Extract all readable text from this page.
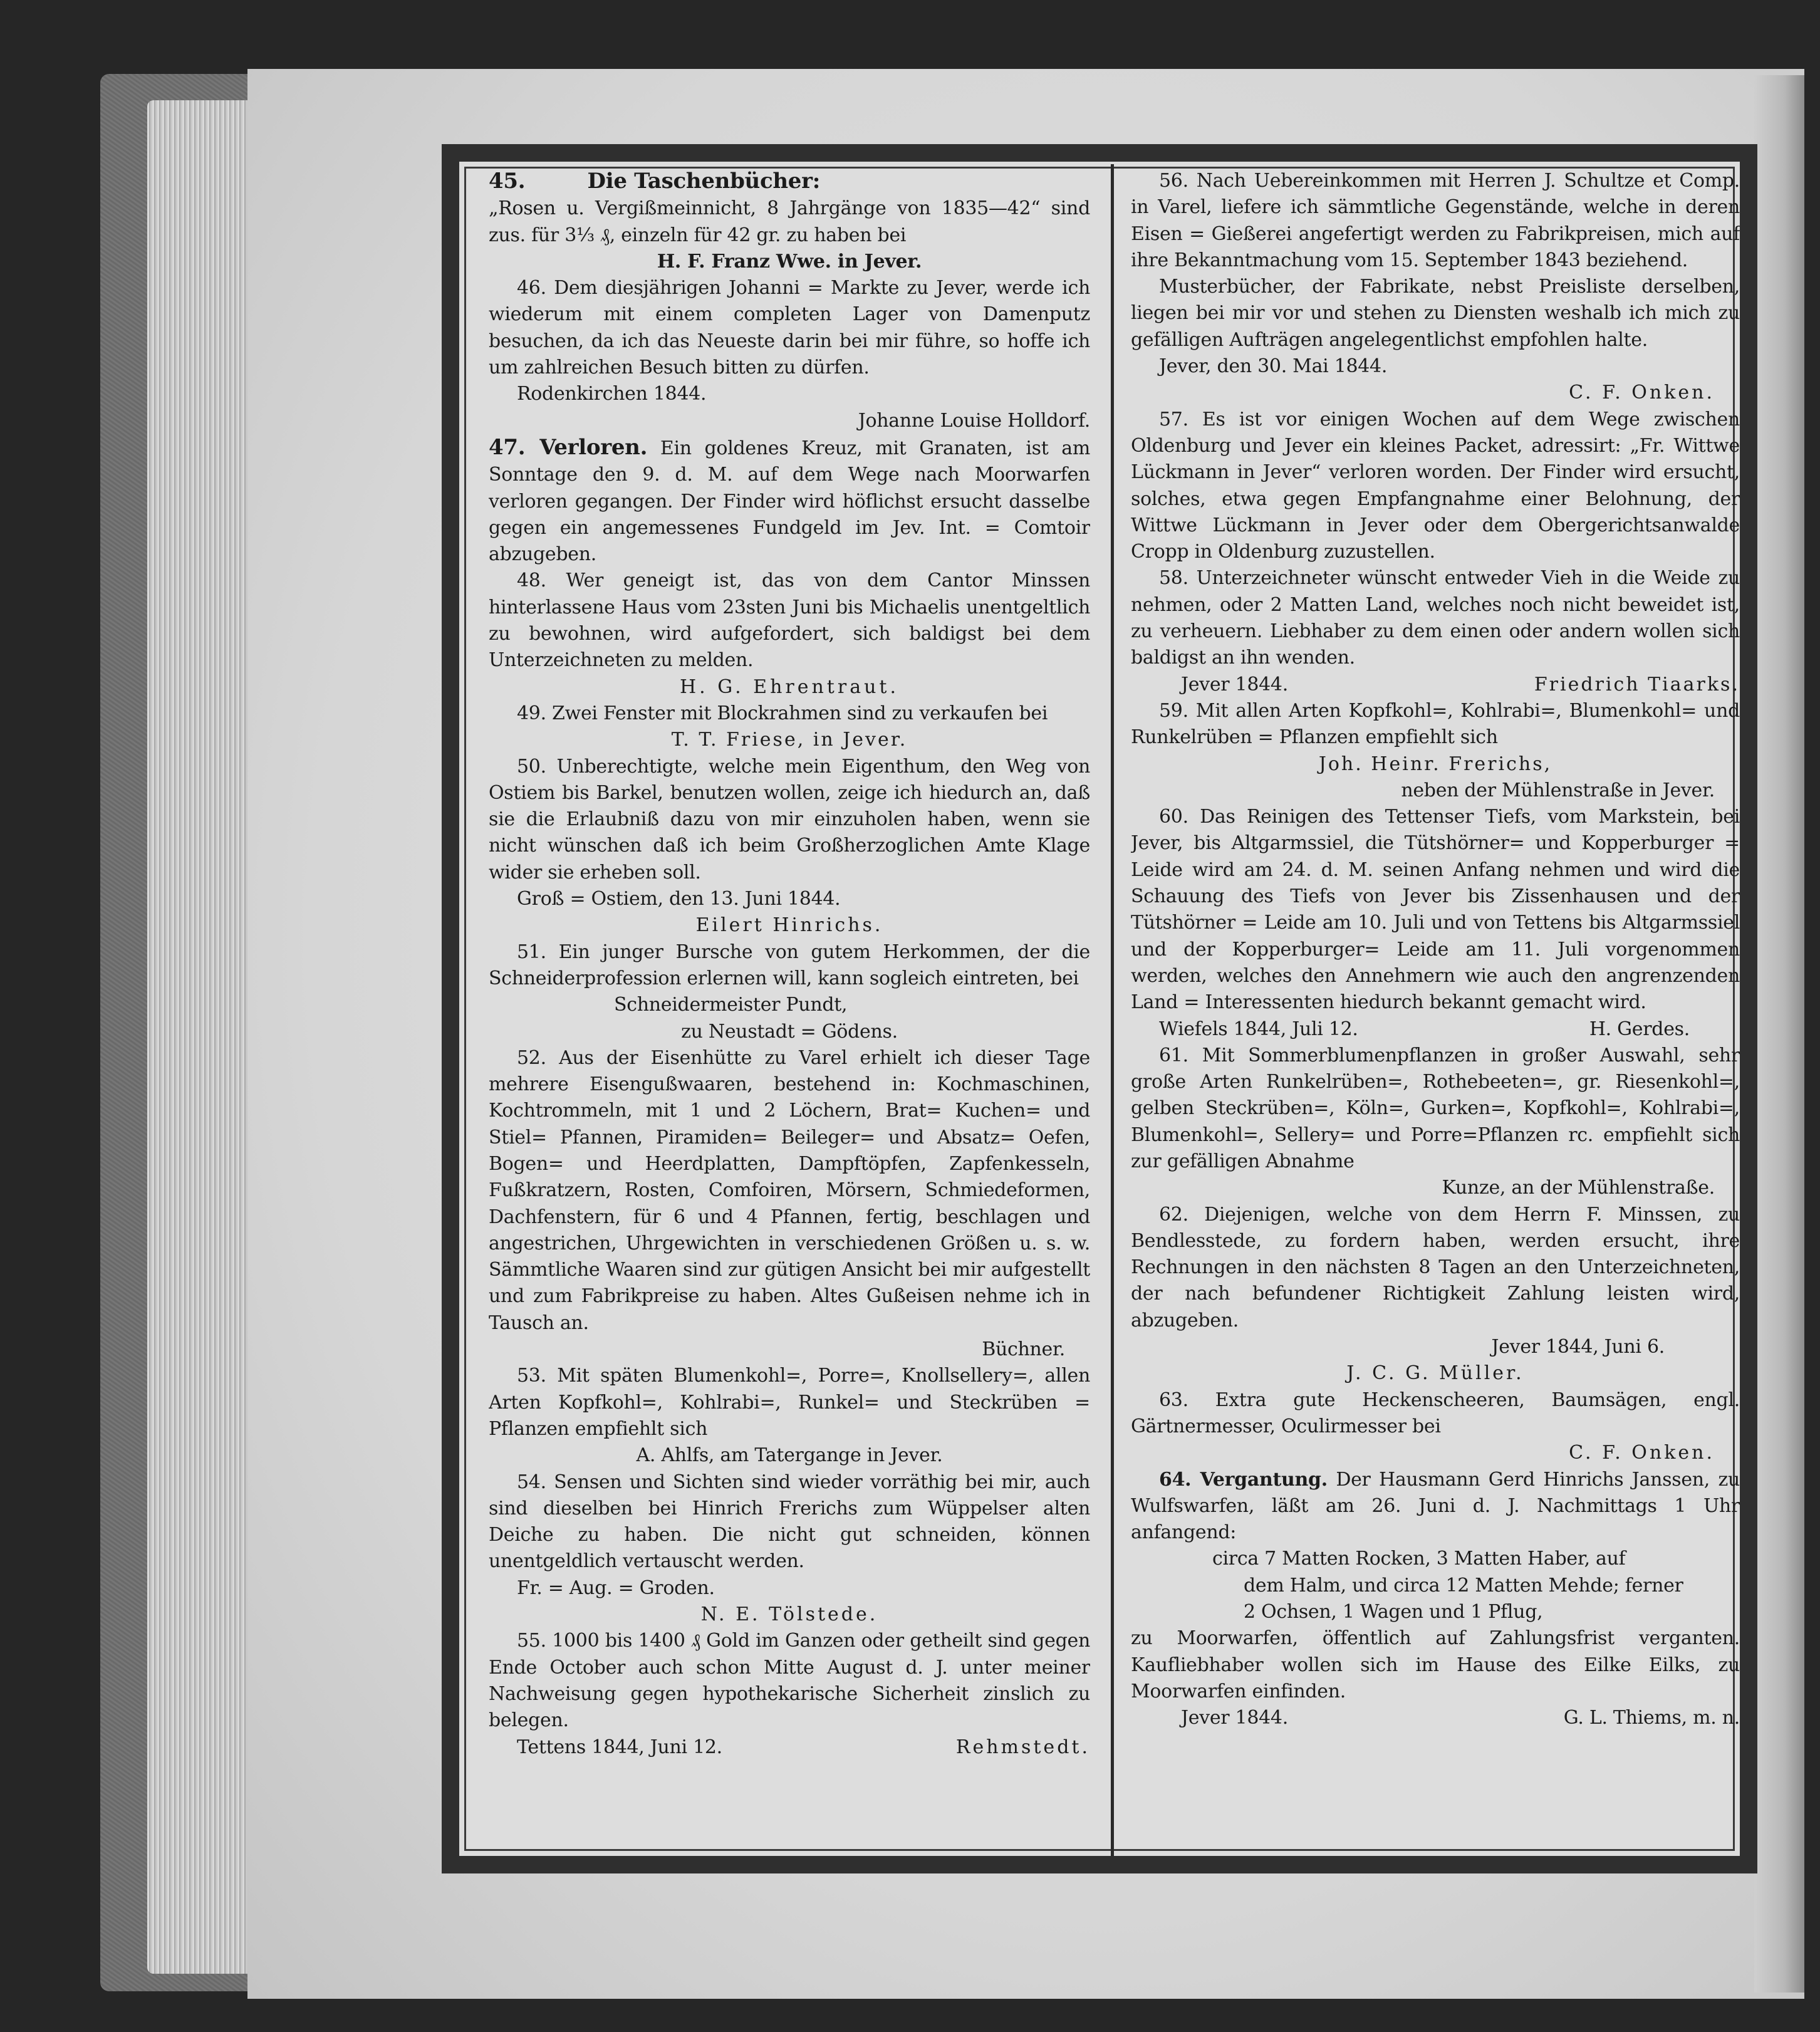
45.	Die Taschenbücher:

„Rosen u. Vergißmeinnicht, 8 Jahrgänge von 1835—42“ sind zus. für 3⅓ ₰, einzeln für 42 gr. zu haben bei

H. F. Franz Wwe. in Jever.

46. Dem diesjährigen Johanni = Markte zu Jever, werde ich wiederum mit einem completen Lager von Damenputz besuchen, da ich das Neueste darin bei mir führe, so hoffe ich um zahlreichen Besuch bitten zu dürfen.

Rodenkirchen 1844.

Johanne Louise Holldorf.

47. Verloren. Ein goldenes Kreuz, mit Granaten, ist am Sonntage den 9. d. M. auf dem Wege nach Moorwarfen verloren gegangen. Der Finder wird höflichst ersucht dasselbe gegen ein angemessenes Fundgeld im Jev. Int. = Comtoir abzugeben.

48. Wer geneigt ist, das von dem Cantor Minssen hinterlassene Haus vom 23sten Juni bis Michaelis unentgeltlich zu bewohnen, wird aufgefordert, sich baldigst bei dem Unterzeichneten zu melden.

H. G. Ehrentraut.

49. Zwei Fenster mit Blockrahmen sind zu verkaufen bei

T. T. Friese, in Jever.

50. Unberechtigte, welche mein Eigenthum, den Weg von Ostiem bis Barkel, benutzen wollen, zeige ich hiedurch an, daß sie die Erlaubniß dazu von mir einzuholen haben, wenn sie nicht wünschen daß ich beim Großherzoglichen Amte Klage wider sie erheben soll.

Groß = Ostiem, den 13. Juni 1844.

Eilert Hinrichs.

51. Ein junger Bursche von gutem Herkommen, der die Schneiderprofession erlernen will, kann sogleich eintreten, bei

Schneidermeister Pundt,

zu Neustadt = Gödens.

52. Aus der Eisenhütte zu Varel erhielt ich dieser Tage mehrere Eisengußwaaren, bestehend in: Kochmaschinen, Kochtrommeln, mit 1 und 2 Löchern, Brat= Kuchen= und Stiel= Pfannen, Piramiden= Beileger= und Absatz= Oefen, Bogen= und Heerdplatten, Dampftöpfen, Zapfenkesseln, Fußkratzern, Rosten, Comfoiren, Mörsern, Schmiedeformen, Dachfenstern, für 6 und 4 Pfannen, fertig, beschlagen und angestrichen, Uhrgewichten in verschiedenen Größen u. s. w. Sämmtliche Waaren sind zur gütigen Ansicht bei mir aufgestellt und zum Fabrikpreise zu haben. Altes Gußeisen nehme ich in Tausch an.

Büchner.

53. Mit späten Blumenkohl=, Porre=, Knollsellery=, allen Arten Kopfkohl=, Kohlrabi=, Runkel= und Steckrüben = Pflanzen empfiehlt sich

A. Ahlfs, am Tatergange in Jever.

54. Sensen und Sichten sind wieder vorräthig bei mir, auch sind dieselben bei Hinrich Frerichs zum Wüppelser alten Deiche zu haben. Die nicht gut schneiden, können unentgeldlich vertauscht werden.

Fr. = Aug. = Groden.

N. E. Tölstede.

55. 1000 bis 1400 ₰ Gold im Ganzen oder getheilt sind gegen Ende October auch schon Mitte August d. J. unter meiner Nachweisung gegen hypothekarische Sicherheit zinslich zu belegen.

Tettens 1844, Juni 12.	Rehmstedt.

56. Nach Uebereinkommen mit Herren J. Schultze et Comp. in Varel, liefere ich sämmtliche Gegenstände, welche in deren Eisen = Gießerei angefertigt werden zu Fabrikpreisen, mich auf ihre Bekanntmachung vom 15. September 1843 beziehend.

Musterbücher, der Fabrikate, nebst Preisliste derselben, liegen bei mir vor und stehen zu Diensten weshalb ich mich zu gefälligen Aufträgen angelegentlichst empfohlen halte.

Jever, den 30. Mai 1844.

C. F. Onken.

57. Es ist vor einigen Wochen auf dem Wege zwischen Oldenburg und Jever ein kleines Packet, adressirt: „Fr. Wittwe Lückmann in Jever“ verloren worden. Der Finder wird ersucht, solches, etwa gegen Empfangnahme einer Belohnung, der Wittwe Lückmann in Jever oder dem Obergerichtsanwalde Cropp in Oldenburg zuzustellen.

58. Unterzeichneter wünscht entweder Vieh in die Weide zu nehmen, oder 2 Matten Land, welches noch nicht beweidet ist, zu verheuern. Liebhaber zu dem einen oder andern wollen sich baldigst an ihn wenden.

Jever 1844.	Friedrich Tiaarks.

59. Mit allen Arten Kopfkohl=, Kohlrabi=, Blumenkohl= und Runkelrüben = Pflanzen empfiehlt sich

Joh. Heinr. Frerichs,

neben der Mühlenstraße in Jever.

60. Das Reinigen des Tettenser Tiefs, vom Markstein, bei Jever, bis Altgarmssiel, die Tütshörner= und Kopperburger = Leide wird am 24. d. M. seinen Anfang nehmen und wird die Schauung des Tiefs von Jever bis Zissenhausen und der Tütshörner = Leide am 10. Juli und von Tettens bis Altgarmssiel und der Kopperburger= Leide am 11. Juli vorgenommen werden, welches den Annehmern wie auch den angrenzenden Land = Interessenten hiedurch bekannt gemacht wird.

Wiefels 1844, Juli 12.	H. Gerdes.

61. Mit Sommerblumenpflanzen in großer Auswahl, sehr große Arten Runkelrüben=, Rothebeeten=, gr. Riesenkohl=, gelben Steckrüben=, Köln=, Gurken=, Kopfkohl=, Kohlrabi=, Blumenkohl=, Sellery= und Porre=Pflanzen rc. empfiehlt sich zur gefälligen Abnahme

Kunze, an der Mühlenstraße.

62. Diejenigen, welche von dem Herrn F. Minssen, zu Bendlesstede, zu fordern haben, werden ersucht, ihre Rechnungen in den nächsten 8 Tagen an den Unterzeichneten, der nach befundener Richtigkeit Zahlung leisten wird, abzugeben.

Jever 1844, Juni 6.

J. C. G. Müller.

63. Extra gute Heckenscheeren, Baumsägen, engl. Gärtnermesser, Oculirmesser bei

C. F. Onken.

64. Vergantung. Der Hausmann Gerd Hinrichs Janssen, zu Wulfswarfen, läßt am 26. Juni d. J. Nachmittags 1 Uhr anfangend:

circa 7 Matten Rocken, 3 Matten Haber, auf

dem Halm, und circa 12 Matten Mehde; ferner

2 Ochsen, 1 Wagen und 1 Pflug,

zu Moorwarfen, öffentlich auf Zahlungsfrist verganten. Kaufliebhaber wollen sich im Hause des Eilke Eilks, zu Moorwarfen einfinden.

Jever 1844.	G. L. Thiems, m. n.
